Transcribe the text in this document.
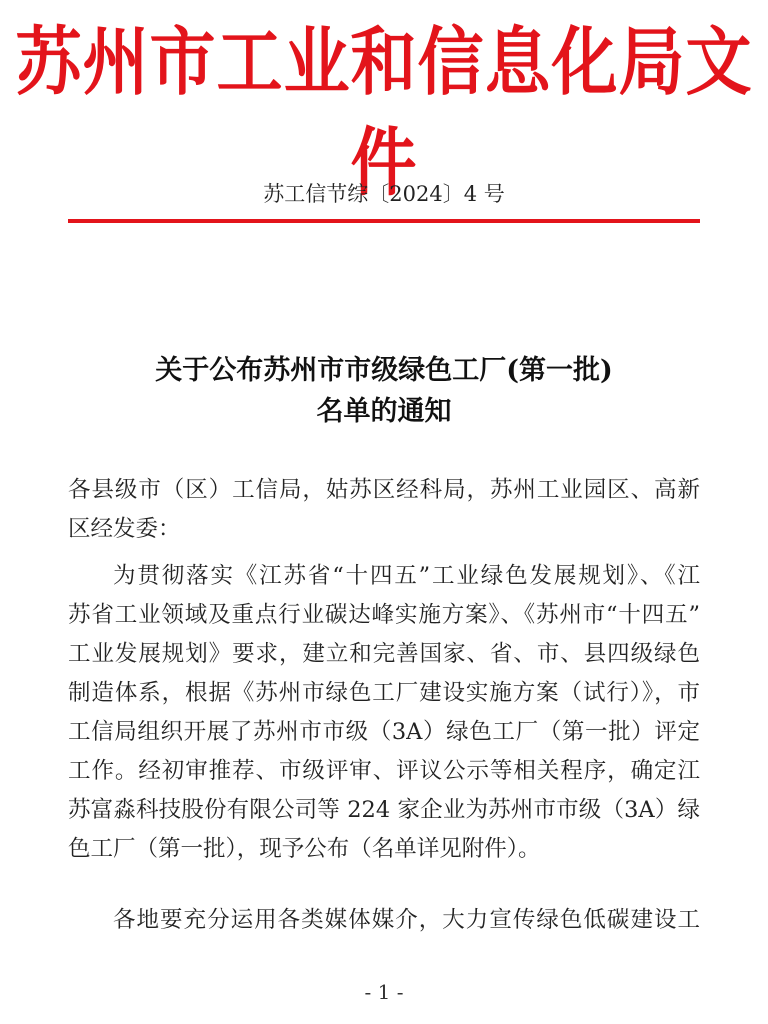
苏州市工业和信息化局文件
苏工信节综〔2024〕4 号
关于公布苏州市市级绿色工厂(第一批)
名单的通知
各县级市（区）工信局，姑苏区经科局，苏州工业园区、高新
区经发委：
为贯彻落实《江苏省“十四五”工业绿色发展规划》、《江
苏省工业领域及重点行业碳达峰实施方案》、《苏州市“十四五”
工业发展规划》要求，建立和完善国家、省、市、县四级绿色
制造体系，根据《苏州市绿色工厂建设实施方案（试行）》，市
工信局组织开展了苏州市市级（3A）绿色工厂（第一批）评定
工作。经初审推荐、市级评审、评议公示等相关程序，确定江
苏富淼科技股份有限公司等 224 家企业为苏州市市级（3A）绿
色工厂（第一批），现予公布（名单详见附件）。
各地要充分运用各类媒体媒介，大力宣传绿色低碳建设工
- 1 -
